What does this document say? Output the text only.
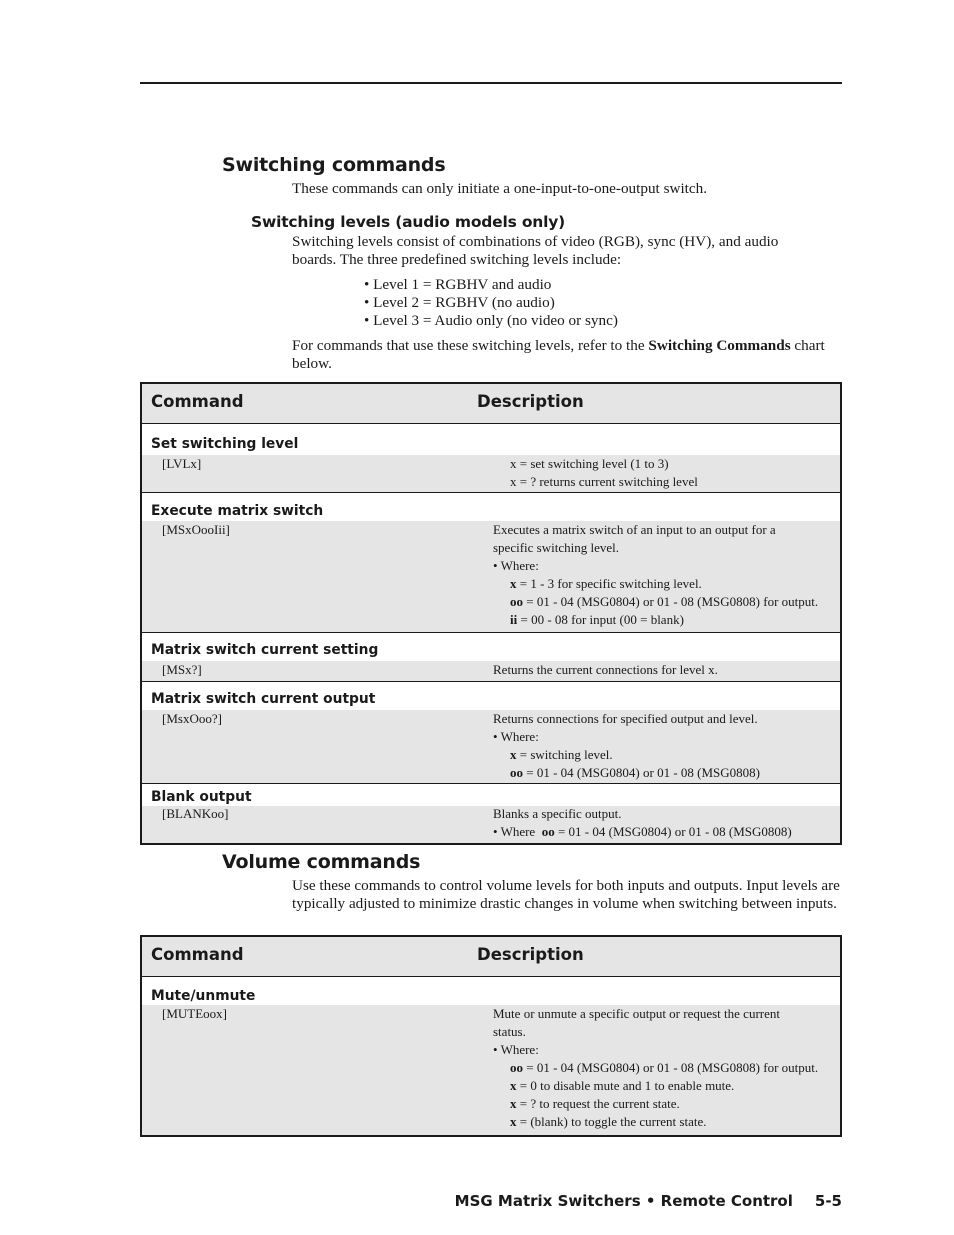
Switching commands
These commands can only initiate a one-input-to-one-output switch.
Switching levels (audio models only)
Switching levels consist of combinations of video (RGB), sync (HV), and audio boards. The three predefined switching levels include:
• Level 1 = RGBHV and audio
• Level 2 = RGBHV (no audio)
• Level 3 = Audio only (no video or sync)
For commands that use these switching levels, refer to the Switching Commands chart below.
Command	Description
Set switching level
[LVLx]	x = set switching level (1 to 3)
x = ? returns current switching level
Execute matrix switch
[MSxOooIii]	Executes a matrix switch of an input to an output for a
specific switching level.
• Where:
x = 1 - 3 for specific switching level.
oo = 01 - 04 (MSG0804) or 01 - 08 (MSG0808) for output.
ii = 00 - 08 for input (00 = blank)
Matrix switch current setting
[MSx?]	Returns the current connections for level x.
Matrix switch current output
[MsxOoo?]	Returns connections for specified output and level.
• Where:
x = switching level.
oo = 01 - 04 (MSG0804) or 01 - 08 (MSG0808)
Blank output
[BLANKoo]	Blanks a specific output.
• Where  oo = 01 - 04 (MSG0804) or 01 - 08 (MSG0808)
Volume commands
Use these commands to control volume levels for both inputs and outputs. Input levels are typically adjusted to minimize drastic changes in volume when switching between inputs.
Command	Description
Mute/unmute
[MUTEoox]	Mute or unmute a specific output or request the current
status.
• Where:
oo = 01 - 04 (MSG0804) or 01 - 08 (MSG0808) for output.
x = 0 to disable mute and 1 to enable mute.
x = ? to request the current state.
x = (blank) to toggle the current state.
MSG Matrix Switchers • Remote Control 5-5
